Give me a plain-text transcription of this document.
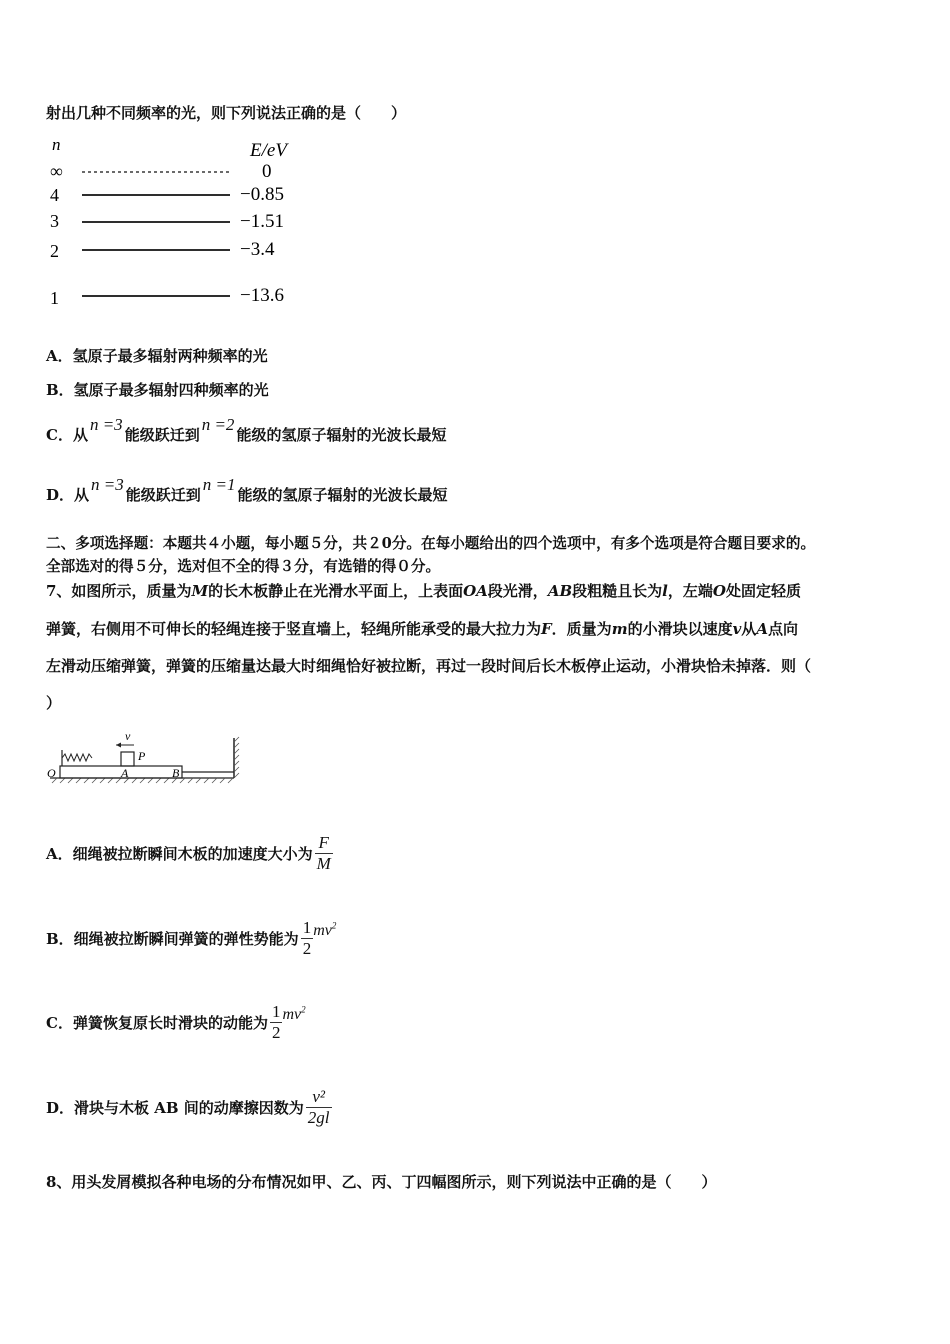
射出几种不同频率的光，则下列说法正确的是（　　）
n	E/eV
∞	0
4	−0.85
3	−1.51
2	−3.4
1	−13.6
A．氢原子最多辐射两种频率的光
B．氢原子最多辐射四种频率的光
C．从n =3能级跃迁到n =2能级的氢原子辐射的光波长最短
D．从n =3能级跃迁到n =1能级的氢原子辐射的光波长最短
二、多项选择题：本题共４小题，每小题５分，共２0分。在每小题给出的四个选项中，有多个选项是符合题目要求的。
全部选对的得５分，选对但不全的得３分，有选错的得０分。
7、如图所示，质量为M的长木板静止在光滑水平面上，上表面OA段光滑，AB段粗糙且长为l，左端O处固定轻质
弹簧，右侧用不可伸长的轻绳连接于竖直墙上，轻绳所能承受的最大拉力为F．质量为m的小滑块以速度v从A点向
左滑动压缩弹簧，弹簧的压缩量达最大时细绳恰好被拉断，再过一段时间后长木板停止运动，小滑块恰未掉落．则（
）
v
P
O	A	B
A．细绳被拉断瞬间木板的加速度大小为 $\frac{F}{M}$
B．细绳被拉断瞬间弹簧的弹性势能为 $\frac{1}{2} mv^2$
C．弹簧恢复原长时滑块的动能为 $\frac{1}{2} mv^2$
D．滑块与木板 AB 间的动摩擦因数为 $\frac{\text{v²}}{2gl}$
8、用头发屑模拟各种电场的分布情况如甲、乙、丙、丁四幅图所示，则下列说法中正确的是（　　）
